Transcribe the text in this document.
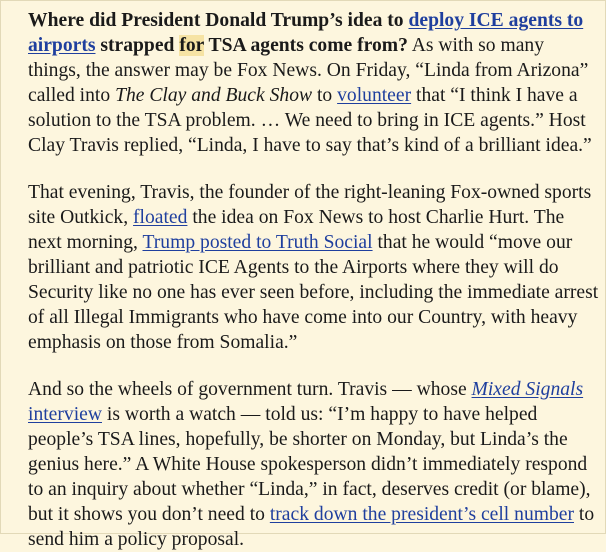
Where did President Donald Trump’s idea to deploy ICE agents to airports strapped for TSA agents come from? As with so many things, the answer may be Fox News. On Friday, “Linda from Arizona” called into The Clay and Buck Show to volunteer that “I think I have a solution to the TSA problem. … We need to bring in ICE agents.” Host Clay Travis replied, “Linda, I have to say that’s kind of a brilliant idea.”

That evening, Travis, the founder of the right-leaning Fox-owned sports site Outkick, floated the idea on Fox News to host Charlie Hurt. The next morning, Trump posted to Truth Social that he would “move our brilliant and patriotic ICE Agents to the Airports where they will do Security like no one has ever seen before, including the immediate arrest of all Illegal Immigrants who have come into our Country, with heavy emphasis on those from Somalia.”

And so the wheels of government turn. Travis — whose Mixed Signals interview is worth a watch — told us: “I’m happy to have helped people’s TSA lines, hopefully, be shorter on Monday, but Linda’s the genius here.” A White House spokesperson didn’t immediately respond to an inquiry about whether “Linda,” in fact, deserves credit (or blame), but it shows you don’t need to track down the president’s cell number to send him a policy proposal.
